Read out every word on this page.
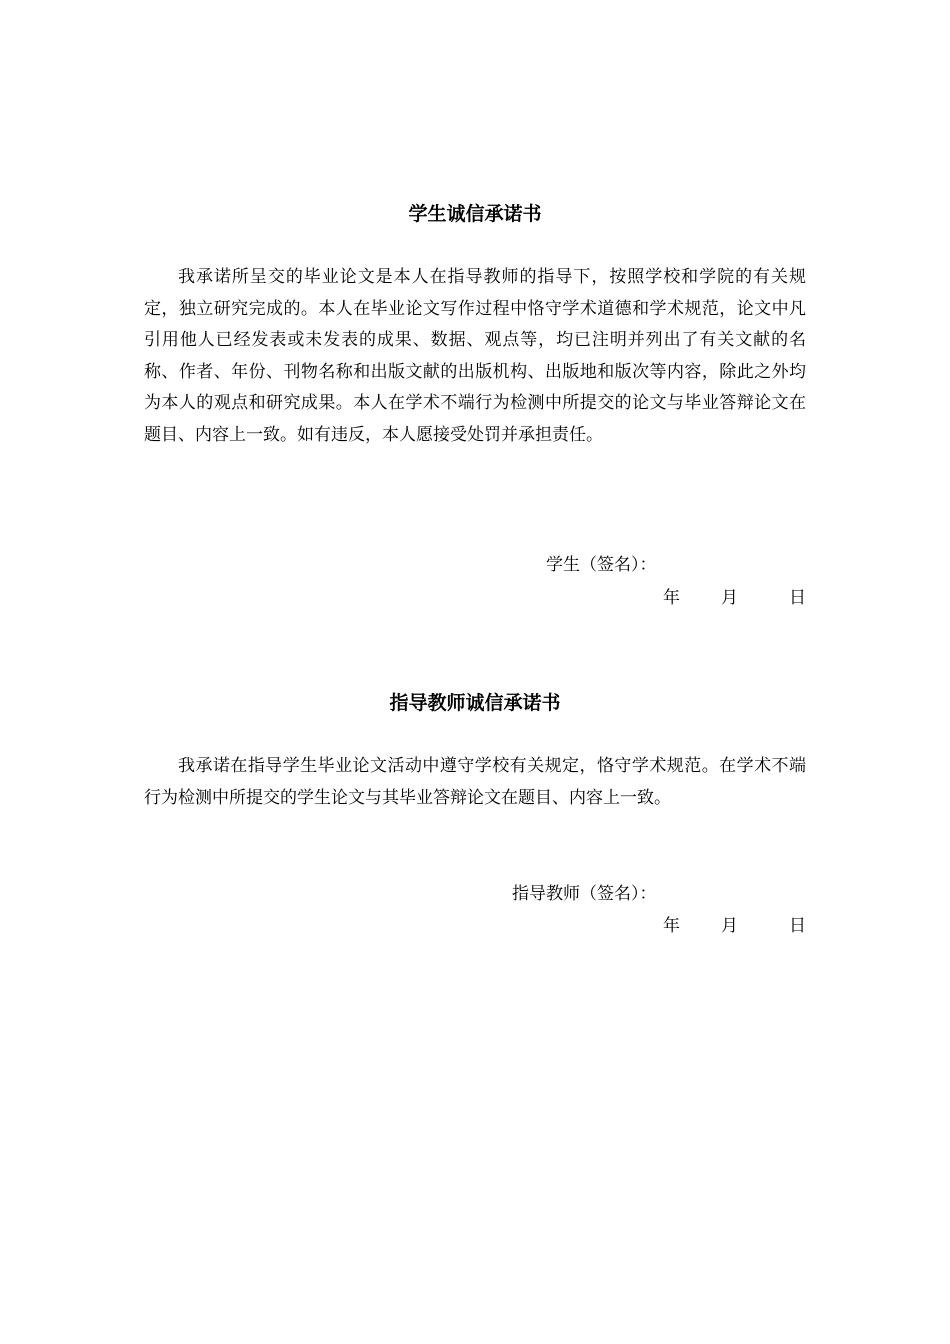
学生诚信承诺书

我承诺所呈交的毕业论文是本人在指导教师的指导下，按照学校和学院的有关规定，独立研究完成的。本人在毕业论文写作过程中恪守学术道德和学术规范，论文中凡引用他人已经发表或未发表的成果、数据、观点等，均已注明并列出了有关文献的名称、作者、年份、刊物名称和出版文献的出版机构、出版地和版次等内容，除此之外均为本人的观点和研究成果。本人在学术不端行为检测中所提交的论文与毕业答辩论文在题目、内容上一致。如有违反，本人愿接受处罚并承担责任。

学生（签名）：
年 月	日
指导教师诚信承诺书

我承诺在指导学生毕业论文活动中遵守学校有关规定，恪守学术规范。在学术不端行为检测中所提交的学生论文与其毕业答辩论文在题目、内容上一致。

指导教师（签名）：
年 月	日
